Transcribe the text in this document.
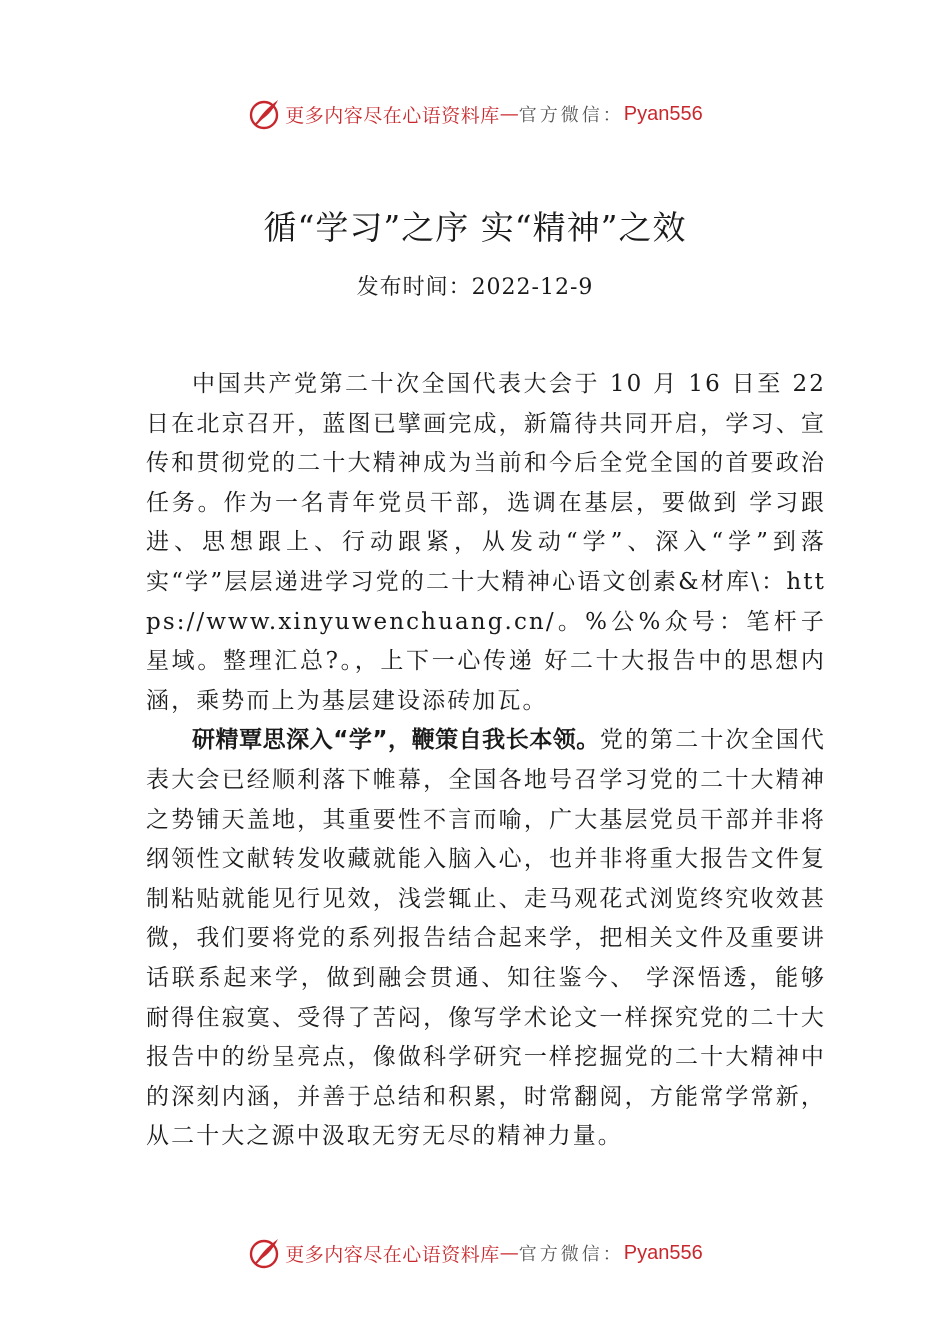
更多内容尽在心语资料库 — 官方微信： Pyan556
循“学习”之序 实“精神”之效
发布时间：2022-12-9

中国共产党第二十次全国代表大会于 10 月 16 日至 22 日在北京召开，蓝图已擘画完成，新篇待共同开启，学习、宣传和贯彻党的二十大精神成为当前和今后全党全国的首要政治任务。作为一名青年党员干部，选调在基层，要做到 学习跟进、思想跟上、行动跟紧，从发动“学”、深入“学”到落实“学”层层递进学习党的二十大精神心语文创素&材库\：https://www.xinyuwenchuang.cn/。%公%众号：笔杆子星域。整理汇总?。，上下一心传递 好二十大报告中的思想内涵，乘势而上为基层建设添砖加瓦。

研精覃思深入“学”，鞭策自我长本领。党的第二十次全国代表大会已经顺利落下帷幕，全国各地号召学习党的二十大精神之势铺天盖地，其重要性不言而喻，广大基层党员干部并非将纲领性文献转发收藏就能入脑入心，也并非将重大报告文件复制粘贴就能见行见效，浅尝辄止、走马观花式浏览终究收效甚微，我们要将党的系列报告结合起来学，把相关文件及重要讲话联系起来学，做到融会贯通、知往鉴今、 学深悟透，能够耐得住寂寞、受得了苦闷，像写学术论文一样探究党的二十大报告中的纷呈亮点，像做科学研究一样挖掘党的二十大精神中的深刻内涵，并善于总结和积累，时常翻阅，方能常学常新，从二十大之源中汲取无穷无尽的精神力量。

更多内容尽在心语资料库 — 官方微信： Pyan556
